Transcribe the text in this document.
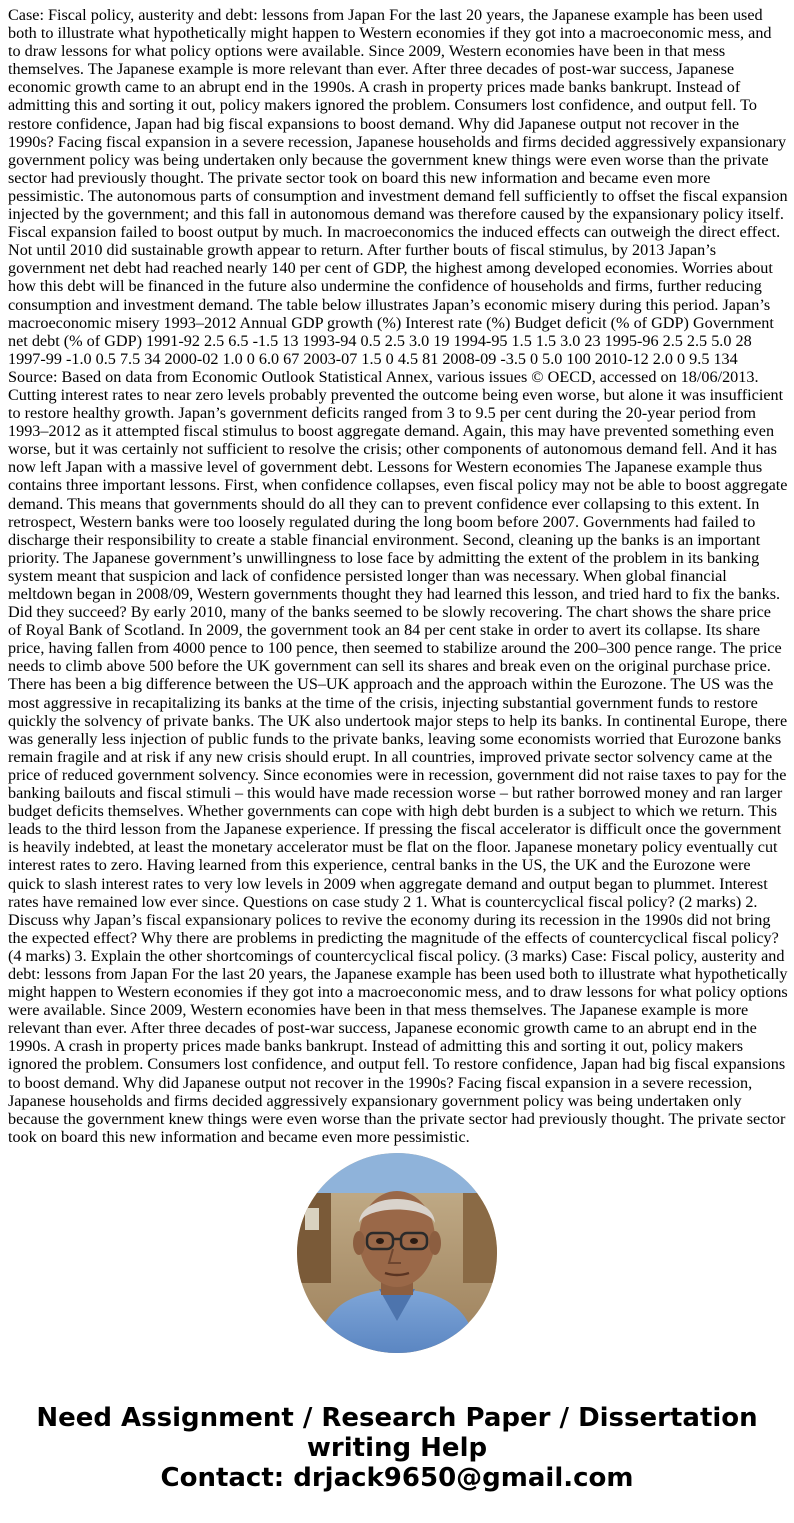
Case: Fiscal policy, austerity and debt: lessons from Japan For the last 20 years, the Japanese example has been used both to illustrate what hypothetically might happen to Western economies if they got into a macroeconomic mess, and to draw lessons for what policy options were available. Since 2009, Western economies have been in that mess themselves. The Japanese example is more relevant than ever. After three decades of post-war success, Japanese economic growth came to an abrupt end in the 1990s. A crash in property prices made banks bankrupt. Instead of admitting this and sorting it out, policy makers ignored the problem. Consumers lost confidence, and output fell. To restore confidence, Japan had big fiscal expansions to boost demand. Why did Japanese output not recover in the 1990s? Facing fiscal expansion in a severe recession, Japanese households and firms decided aggressively expansionary government policy was being undertaken only because the government knew things were even worse than the private sector had previously thought. The private sector took on board this new information and became even more pessimistic. The autonomous parts of consumption and investment demand fell sufficiently to offset the fiscal expansion injected by the government; and this fall in autonomous demand was therefore caused by the expansionary policy itself. Fiscal expansion failed to boost output by much. In macroeconomics the induced effects can outweigh the direct effect. Not until 2010 did sustainable growth appear to return. After further bouts of fiscal stimulus, by 2013 Japan’s government net debt had reached nearly 140 per cent of GDP, the highest among developed economies. Worries about how this debt will be financed in the future also undermine the confidence of households and firms, further reducing consumption and investment demand. The table below illustrates Japan’s economic misery during this period. Japan’s macroeconomic misery 1993–2012 Annual GDP growth (%) Interest rate (%) Budget deficit (% of GDP) Government net debt (% of GDP) 1991-92 2.5 6.5 -1.5 13 1993-94 0.5 2.5 3.0 19 1994-95 1.5 1.5 3.0 23 1995-96 2.5 2.5 5.0 28 1997-99 -1.0 0.5 7.5 34 2000-02 1.0 0 6.0 67 2003-07 1.5 0 4.5 81 2008-09 -3.5 0 5.0 100 2010-12 2.0 0 9.5 134 Source: Based on data from Economic Outlook Statistical Annex, various issues © OECD, accessed on 18/06/2013. Cutting interest rates to near zero levels probably prevented the outcome being even worse, but alone it was insufficient to restore healthy growth. Japan’s government deficits ranged from 3 to 9.5 per cent during the 20-year period from 1993–2012 as it attempted fiscal stimulus to boost aggregate demand. Again, this may have prevented something even worse, but it was certainly not sufficient to resolve the crisis; other components of autonomous demand fell. And it has now left Japan with a massive level of government debt. Lessons for Western economies The Japanese example thus contains three important lessons. First, when confidence collapses, even fiscal policy may not be able to boost aggregate demand. This means that governments should do all they can to prevent confidence ever collapsing to this extent. In retrospect, Western banks were too loosely regulated during the long boom before 2007. Governments had failed to discharge their responsibility to create a stable financial environment. Second, cleaning up the banks is an important priority. The Japanese government’s unwillingness to lose face by admitting the extent of the problem in its banking system meant that suspicion and lack of confidence persisted longer than was necessary. When global financial meltdown began in 2008/09, Western governments thought they had learned this lesson, and tried hard to fix the banks. Did they succeed? By early 2010, many of the banks seemed to be slowly recovering. The chart shows the share price of Royal Bank of Scotland. In 2009, the government took an 84 per cent stake in order to avert its collapse. Its share price, having fallen from 4000 pence to 100 pence, then seemed to stabilize around the 200–300 pence range. The price needs to climb above 500 before the UK government can sell its shares and break even on the original purchase price. There has been a big difference between the US–UK approach and the approach within the Eurozone. The US was the most aggressive in recapitalizing its banks at the time of the crisis, injecting substantial government funds to restore quickly the solvency of private banks. The UK also undertook major steps to help its banks. In continental Europe, there was generally less injection of public funds to the private banks, leaving some economists worried that Eurozone banks remain fragile and at risk if any new crisis should erupt. In all countries, improved private sector solvency came at the price of reduced government solvency. Since economies were in recession, government did not raise taxes to pay for the banking bailouts and fiscal stimuli – this would have made recession worse – but rather borrowed money and ran larger budget deficits themselves. Whether governments can cope with high debt burden is a subject to which we return. This leads to the third lesson from the Japanese experience. If pressing the fiscal accelerator is difficult once the government is heavily indebted, at least the monetary accelerator must be flat on the floor. Japanese monetary policy eventually cut interest rates to zero. Having learned from this experience, central banks in the US, the UK and the Eurozone were quick to slash interest rates to very low levels in 2009 when aggregate demand and output began to plummet. Interest rates have remained low ever since. Questions on case study 2 1. What is countercyclical fiscal policy? (2 marks) 2. Discuss why Japan’s fiscal expansionary polices to revive the economy during its recession in the 1990s did not bring the expected effect? Why there are problems in predicting the magnitude of the effects of countercyclical fiscal policy? (4 marks) 3. Explain the other shortcomings of countercyclical fiscal policy. (3 marks) Case: Fiscal policy, austerity and debt: lessons from Japan For the last 20 years, the Japanese example has been used both to illustrate what hypothetically might happen to Western economies if they got into a macroeconomic mess, and to draw lessons for what policy options were available. Since 2009, Western economies have been in that mess themselves. The Japanese example is more relevant than ever. After three decades of post-war success, Japanese economic growth came to an abrupt end in the 1990s. A crash in property prices made banks bankrupt. Instead of admitting this and sorting it out, policy makers ignored the problem. Consumers lost confidence, and output fell. To restore confidence, Japan had big fiscal expansions to boost demand. Why did Japanese output not recover in the 1990s? Facing fiscal expansion in a severe recession, Japanese households and firms decided aggressively expansionary government policy was being undertaken only because the government knew things were even worse than the private sector had previously thought. The private sector took on board this new information and became even more pessimistic.

Need Assignment / Research Paper / Dissertation
writing Help
Contact: drjack9650@gmail.com
